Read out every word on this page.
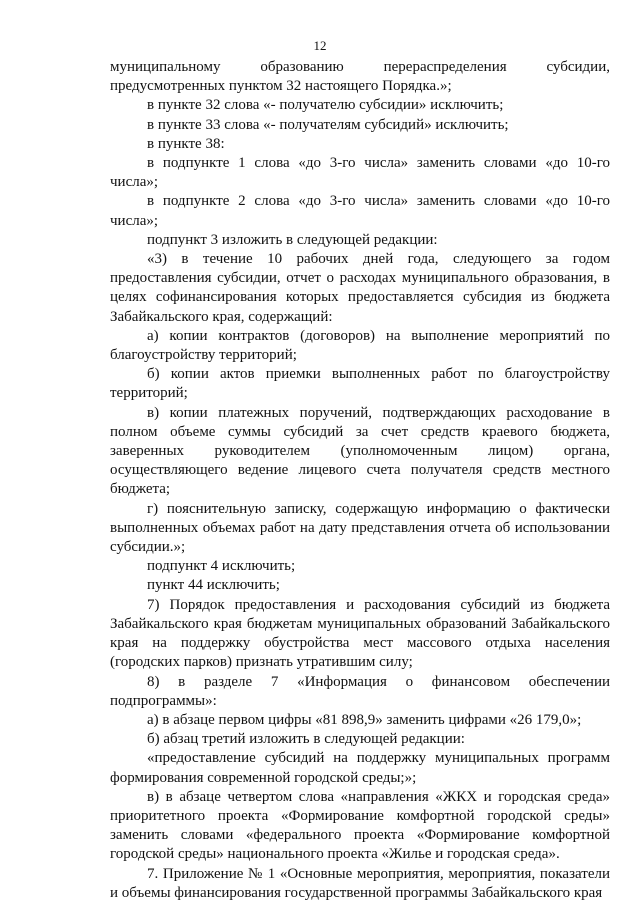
12

муниципальному образованию перераспределения субсидии,

предусмотренных пунктом 32 настоящего Порядка.»;

в пункте 32 слова «- получателю субсидии» исключить;

в пункте 33 слова «- получателям субсидий» исключить;

в пункте 38:

в подпункте 1 слова «до 3-го числа» заменить словами «до 10-го числа»;

в подпункте 2 слова «до 3-го числа» заменить словами «до 10-го числа»;

подпункт 3 изложить в следующей редакции:

«3) в течение 10 рабочих дней года, следующего за годом предоставления субсидии, отчет о расходах муниципального образования, в целях софинансирования которых предоставляется субсидия из бюджета Забайкальского края, содержащий:

а) копии контрактов (договоров) на выполнение мероприятий по благоустройству территорий;

б) копии актов приемки выполненных работ по благоустройству территорий;

в) копии платежных поручений, подтверждающих расходование в полном объеме суммы субсидий за счет средств краевого бюджета, заверенных руководителем (уполномоченным лицом) органа, осуществляющего ведение лицевого счета получателя средств местного бюджета;

г) пояснительную записку, содержащую информацию о фактически выполненных объемах работ на дату представления отчета об использовании субсидии.»;

подпункт 4 исключить;

пункт 44 исключить;

7) Порядок предоставления и расходования субсидий из бюджета Забайкальского края бюджетам муниципальных образований Забайкальского края на поддержку обустройства мест массового отдыха населения (городских парков) признать утратившим силу;

8) в разделе 7 «Информация о финансовом обеспечении подпрограммы»:

а) в абзаце первом цифры «81 898,9» заменить цифрами «26 179,0»;

б) абзац третий изложить в следующей редакции:

«предоставление субсидий на поддержку муниципальных программ формирования современной городской среды;»;

в) в абзаце четвертом слова «направления «ЖКХ и городская среда» приоритетного проекта «Формирование комфортной городской среды» заменить словами «федерального проекта «Формирование комфортной городской среды» национального проекта «Жилье и городская среда».

7. Приложение № 1 «Основные мероприятия, мероприятия, показатели и объемы финансирования государственной программы Забайкальского края
